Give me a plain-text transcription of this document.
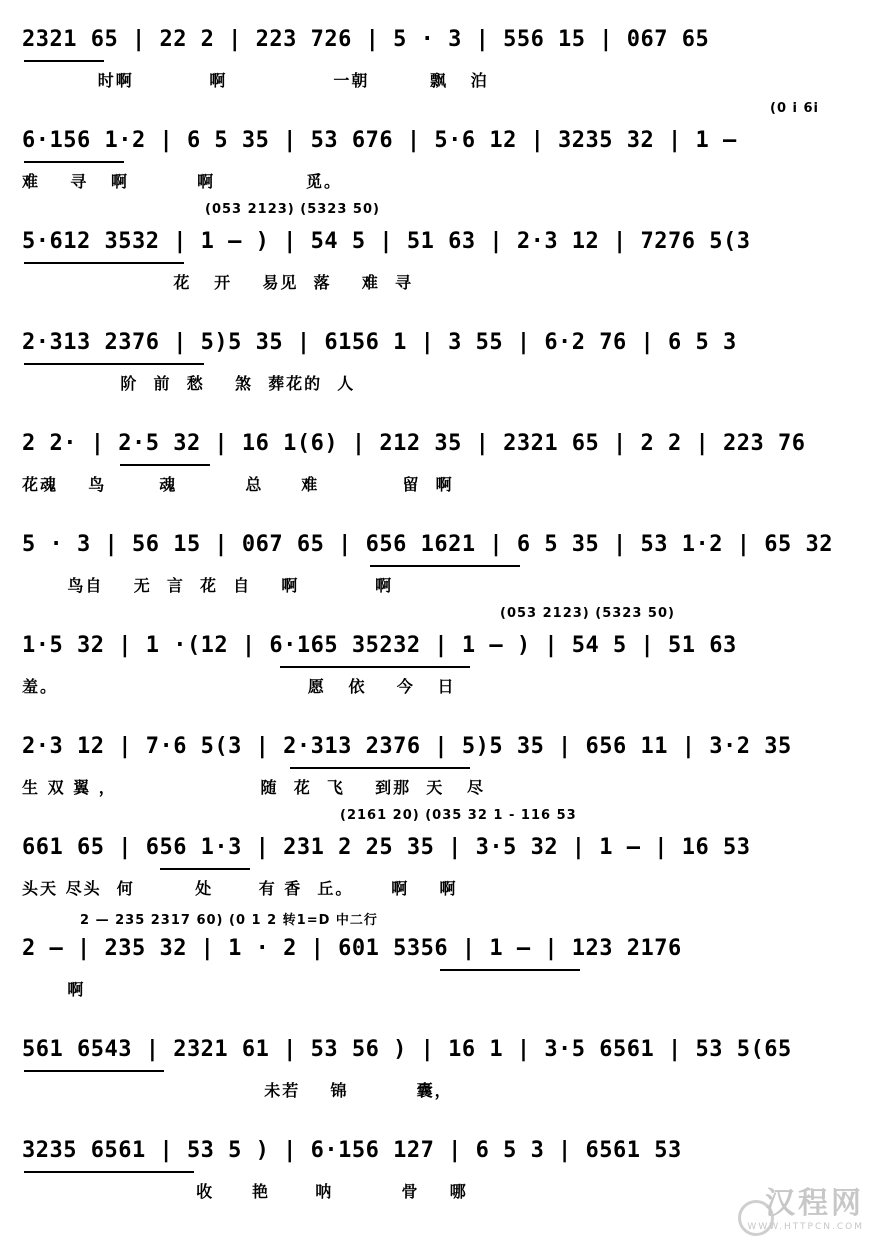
2321 65 | 22 2 | 223 726 | 5 · 3 | 556 15 | 067 65
时啊          啊              一朝        飘   泊
(0 i 6i
6·156 1·2 | 6 5 35 | 53 676 | 5·6 12 | 3235 32 | 1 —
难    寻   啊         啊            觅。
(053 2123) (5323 50)
5·612 3532 | 1 — ) | 54 5 | 51 63 | 2·3 12 | 7276 5(3
花   开    易见  落    难  寻
2·313 2376 | 5)5 35 | 6156 1 | 3 55 | 6·2 76 | 6 5 3
阶  前  愁    煞  葬花的  人
2 2· | 2·5 32 | 16 1(6) | 212 35 | 2321 65 | 2 2 | 223 76
花魂    鸟       魂         总     难           留  啊
5 · 3 | 56 15 | 067 65 | 656 1621 | 6 5 35 | 53 1·2 | 65 32
鸟自    无  言  花  自    啊          啊
(053 2123) (5323 50)
1·5 32 | 1 ·(12 | 6·165 35232 | 1 — ) | 54 5 | 51 63
羞。                                 愿   依    今   日
2·3 12 | 7·6 5(3 | 2·313 2376 | 5)5 35 | 656 11 | 3·2 35
生 双 翼 ，                   随  花  飞    到那  天   尽
(2161 20) (035 32 1 - 116 53
661 65 | 656 1·3 | 231 2 25 35 | 3·5 32 | 1 — | 16 53
头天 尽头  何        处      有 香  丘。     啊    啊
2 — 235 2317 60) (0 1 2 转1=D 中二行
2 — | 235 32 | 1 · 2 | 601 5356 | 1 — | 123 2176
啊
561 6543 | 2321 61 | 53 56 ) | 16 1 | 3·5 6561 | 53 5(65
未若    锦         囊，
3235 6561 | 53 5 ) | 6·156 127 | 6 5 3 | 6561 53
收     艳      呐         骨    哪	汉程网
WWW.HTTPCN.COM
